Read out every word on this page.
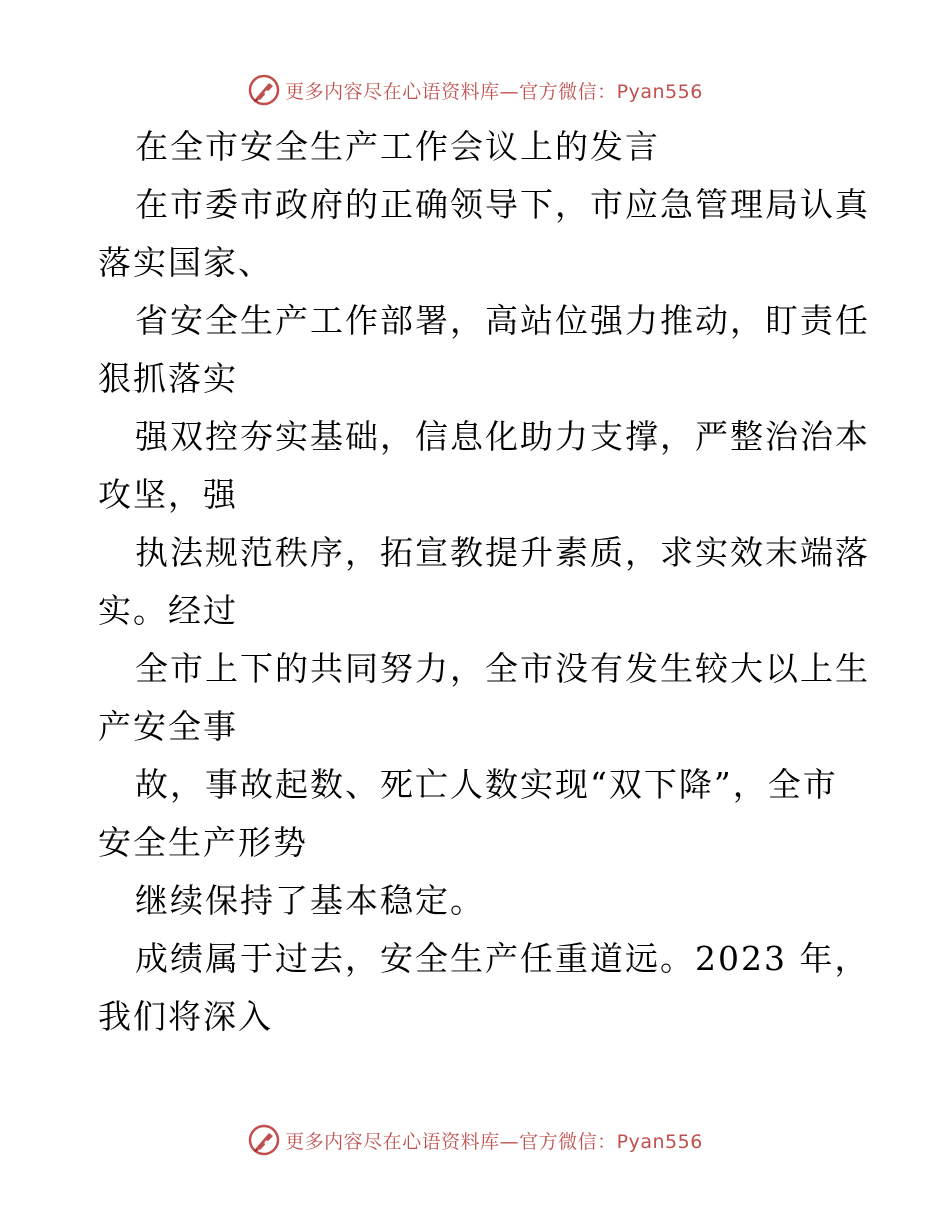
更多内容尽在心语资料库—官方微信：Pyan556
在全市安全生产工作会议上的发言
在市委市政府的正确领导下，市应急管理局认真
落实国家、
省安全生产工作部署，高站位强力推动，盯责任
狠抓落实
强双控夯实基础，信息化助力支撑，严整治治本
攻坚，强
执法规范秩序，拓宣教提升素质，求实效末端落
实。经过
全市上下的共同努力，全市没有发生较大以上生
产安全事
故，事故起数、死亡人数实现“双下降”，全市
安全生产形势
继续保持了基本稳定。
成绩属于过去，安全生产任重道远。2023 年，
我们将深入
更多内容尽在心语资料库—官方微信：Pyan556
